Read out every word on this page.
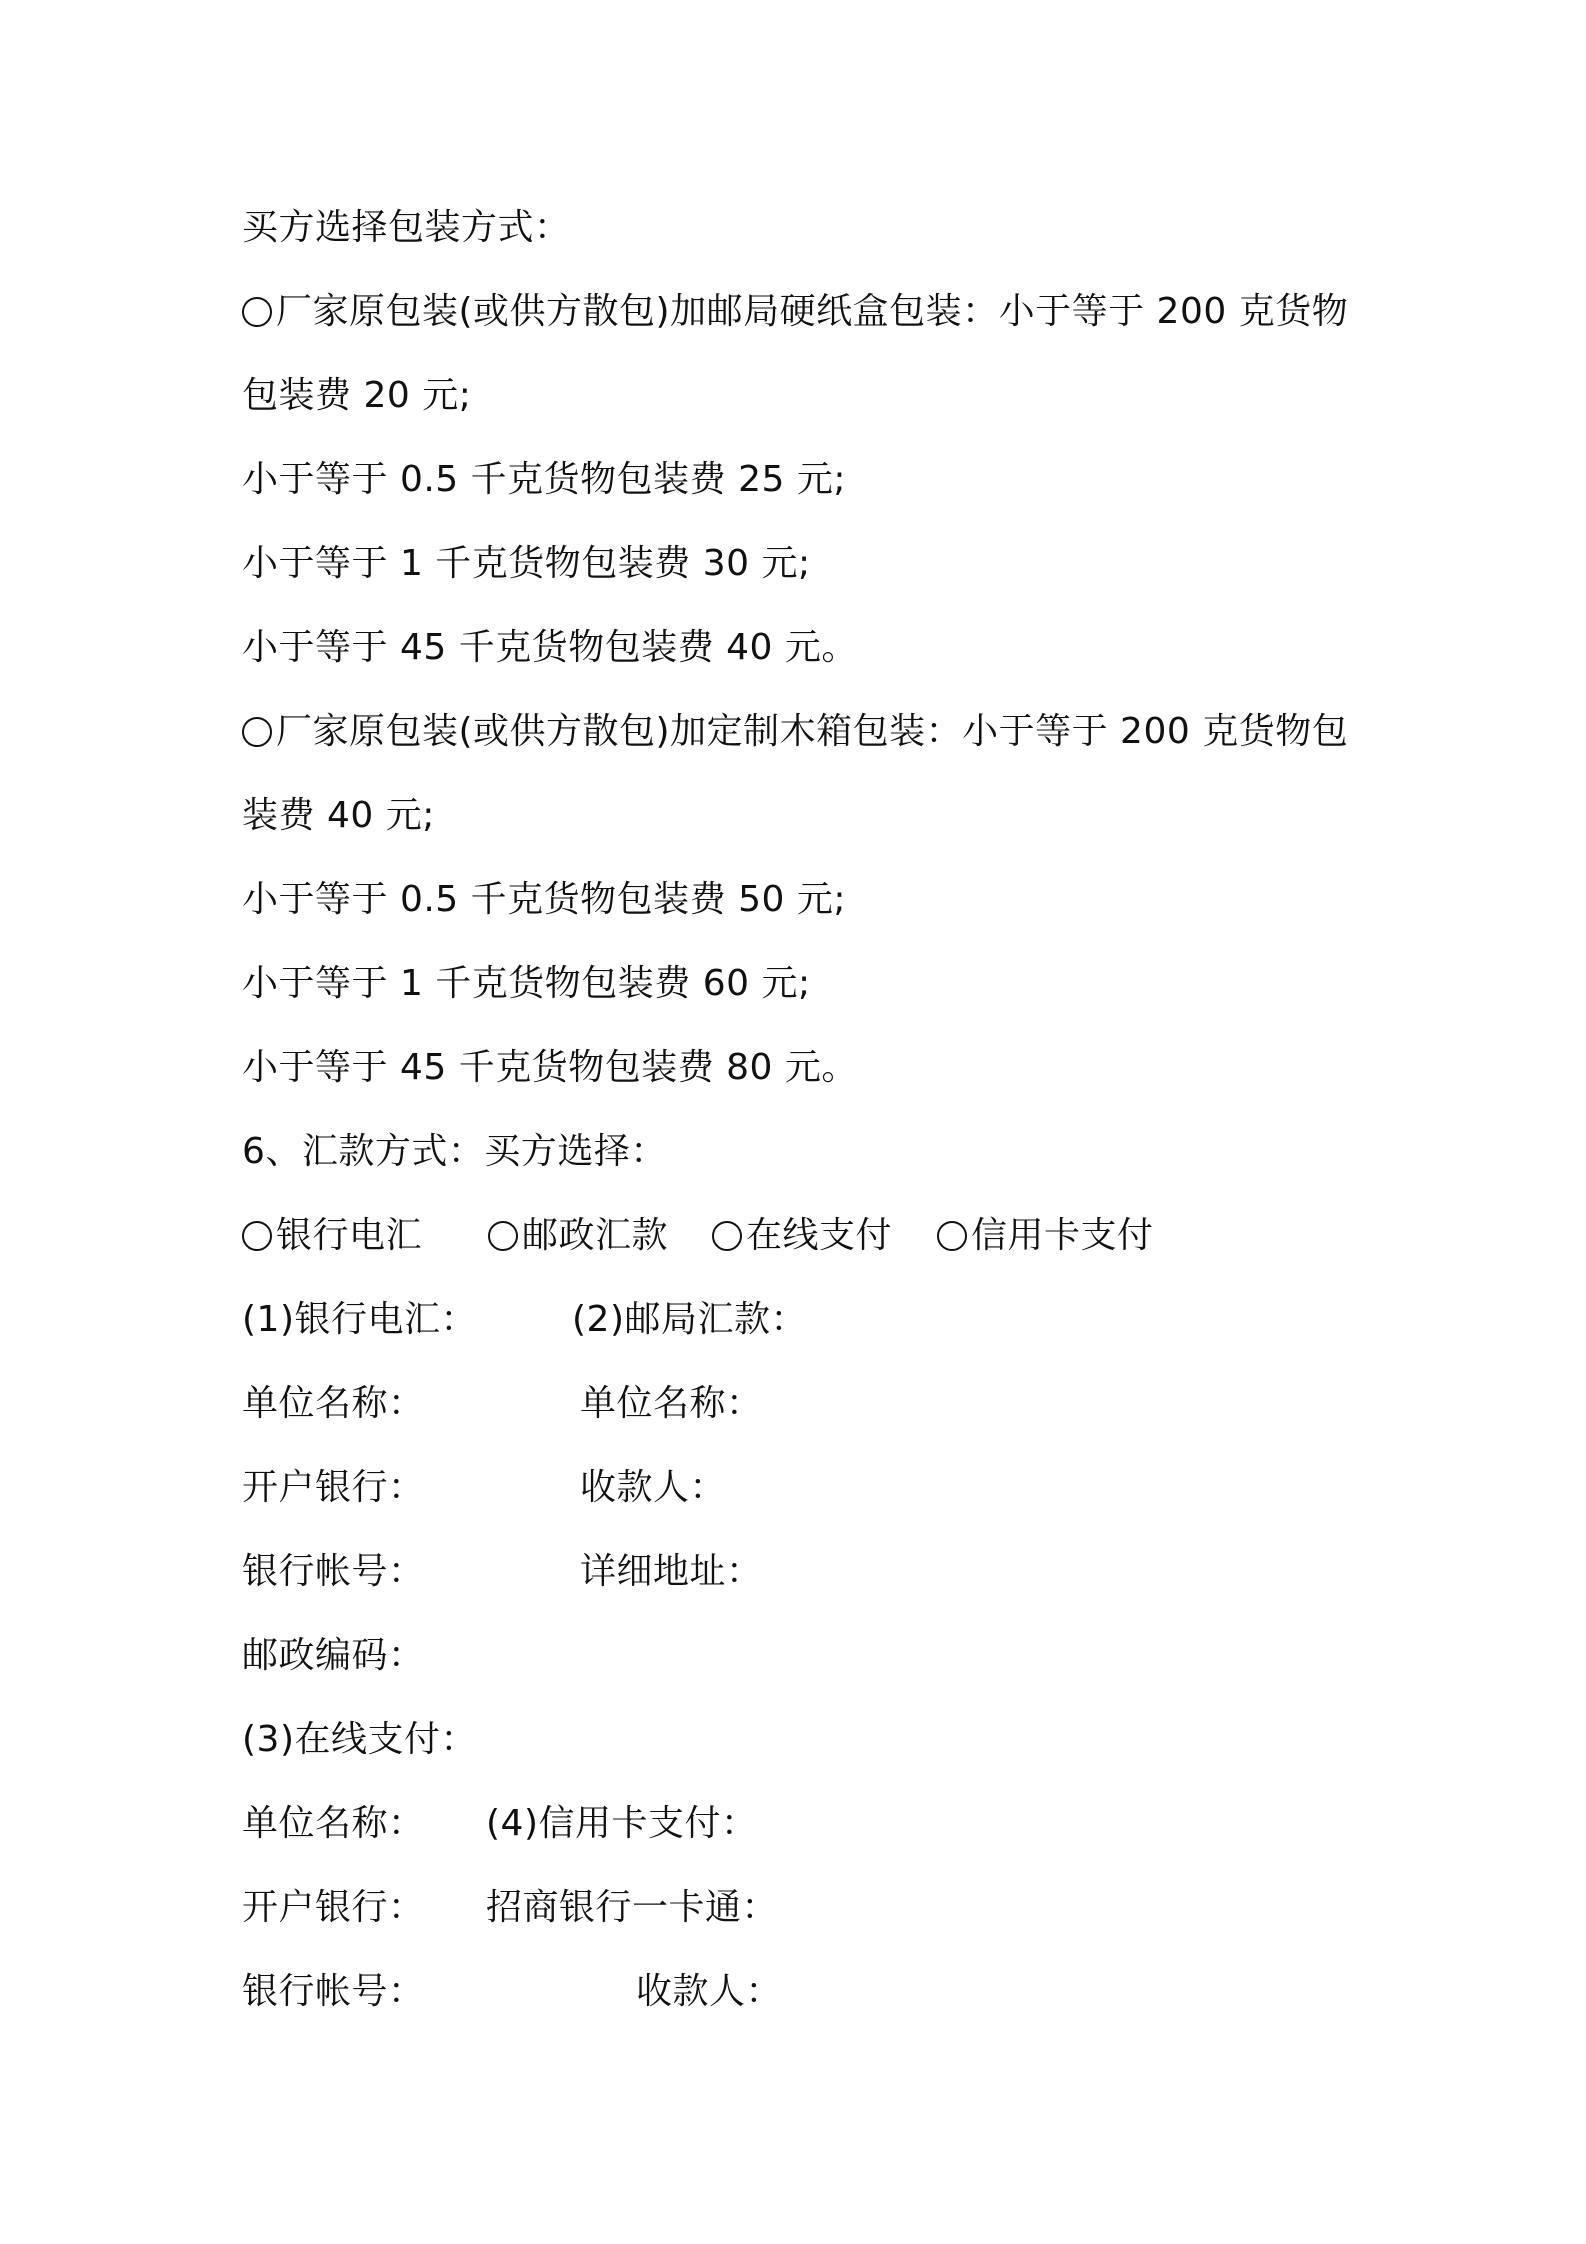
买方选择包装方式：
厂家原包装(或供方散包)加邮局硬纸盒包装：小于等于 200 克货物
包装费 20 元;
小于等于 0.5 千克货物包装费 25 元;
小于等于 1 千克货物包装费 30 元;
小于等于 45 千克货物包装费 40 元。
厂家原包装(或供方散包)加定制木箱包装：小于等于 200 克货物包
装费 40 元;
小于等于 0.5 千克货物包装费 50 元;
小于等于 1 千克货物包装费 60 元;
小于等于 45 千克货物包装费 80 元。
6、汇款方式：买方选择：
银行电汇	邮政汇款	在线支付	信用卡支付
(1)银行电汇：	(2)邮局汇款：
单位名称：	单位名称：
开户银行：	收款人：
银行帐号：	详细地址：
邮政编码：
(3)在线支付：
单位名称： (4)信用卡支付：
开户银行： 招商银行一卡通：
银行帐号：	收款人：
